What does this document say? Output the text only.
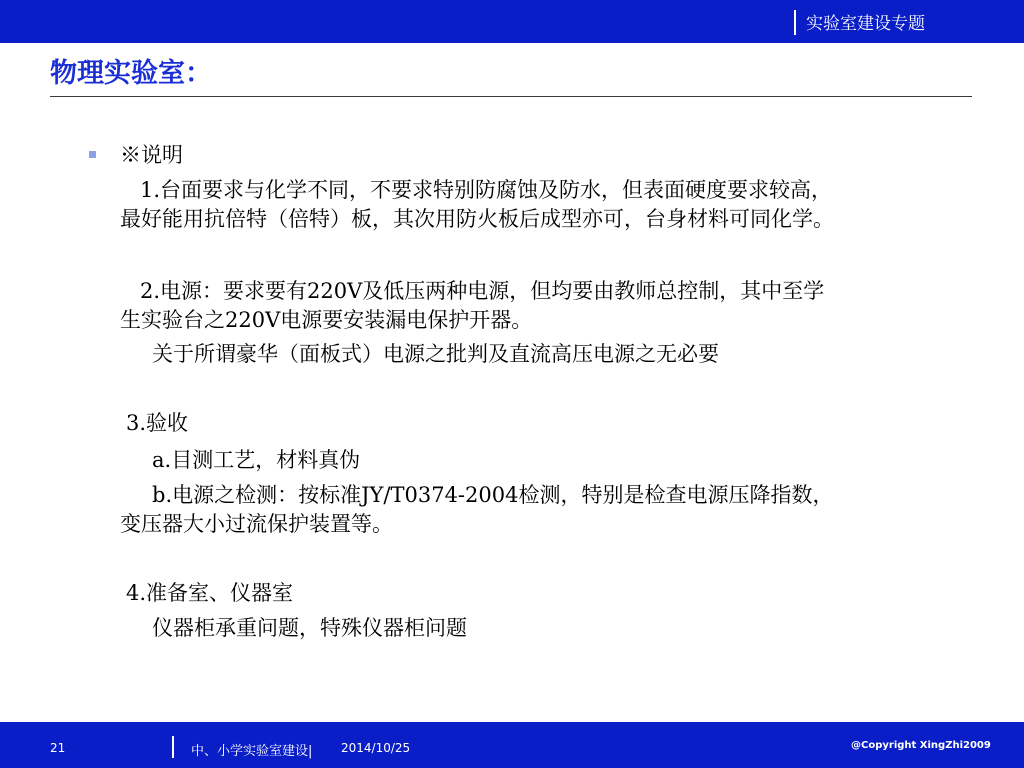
实验室建设专题
物理实验室：
※说明
1.台面要求与化学不同，不要求特别防腐蚀及防水，但表面硬度要求较高，
最好能用抗倍特（倍特）板，其次用防火板后成型亦可，台身材料可同化学。
2.电源：要求要有220V及低压两种电源，但均要由教师总控制，其中至学
生实验台之220V电源要安装漏电保护开器。
关于所谓豪华（面板式）电源之批判及直流高压电源之无必要
3.验收
a.目测工艺，材料真伪
b.电源之检测：按标准JY/T0374-2004检测，特别是检查电源压降指数，
变压器大小过流保护装置等。
4.准备室、仪器室
仪器柜承重问题，特殊仪器柜问题
21	中、小学实验室建设| 2014/10/25	@Copyright XingZhi2009
